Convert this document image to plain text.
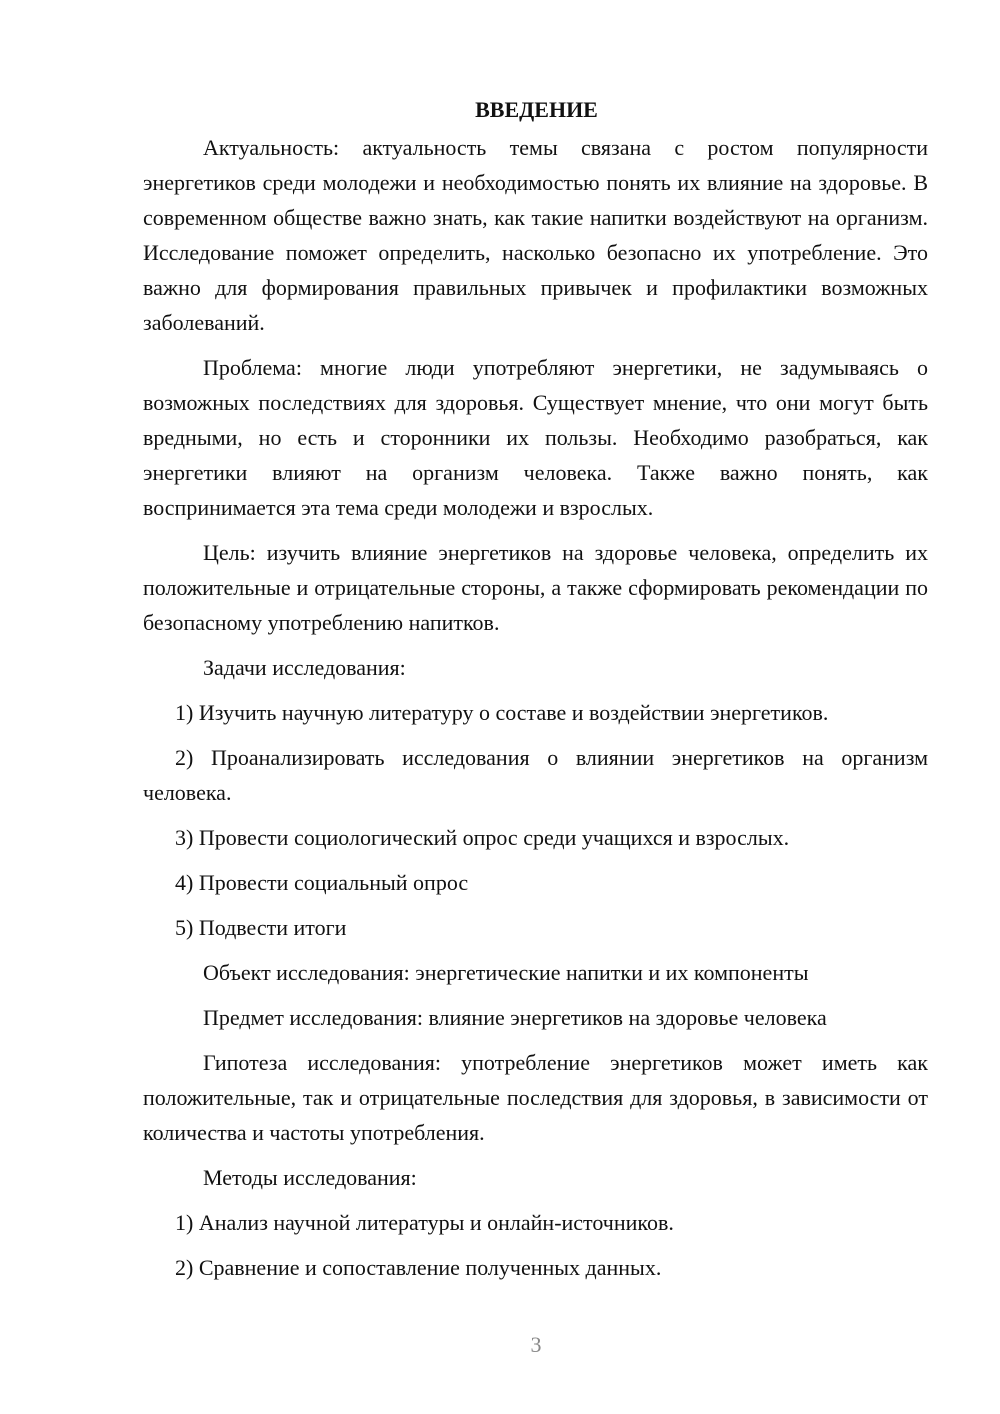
ВВЕДЕНИЕ

Актуальность: актуальность темы связана с ростом популярности энергетиков среди молодежи и необходимостью понять их влияние на здоровье. В современном обществе важно знать, как такие напитки воздействуют на организм. Исследование поможет определить, насколько безопасно их употребление. Это важно для формирования правильных привычек и профилактики возможных заболеваний.

Проблема: многие люди употребляют энергетики, не задумываясь о возможных последствиях для здоровья. Существует мнение, что они могут быть вредными, но есть и сторонники их пользы. Необходимо разобраться, как энергетики влияют на организм человека. Также важно понять, как воспринимается эта тема среди молодежи и взрослых.

Цель: изучить влияние энергетиков на здоровье человека, определить их положительные и отрицательные стороны, а также сформировать рекомендации по безопасному употреблению напитков.

Задачи исследования:

1) Изучить научную литературу о составе и воздействии энергетиков.

2) Проанализировать исследования о влиянии энергетиков на организм человека.

3) Провести социологический опрос среди учащихся и взрослых.

4) Провести социальный опрос

5) Подвести итоги

Объект исследования: энергетические напитки и их компоненты

Предмет исследования: влияние энергетиков на здоровье человека

Гипотеза исследования: употребление энергетиков может иметь как положительные, так и отрицательные последствия для здоровья, в зависимости от количества и частоты употребления.

Методы исследования:

1) Анализ научной литературы и онлайн-источников.

2) Сравнение и сопоставление полученных данных.

3
